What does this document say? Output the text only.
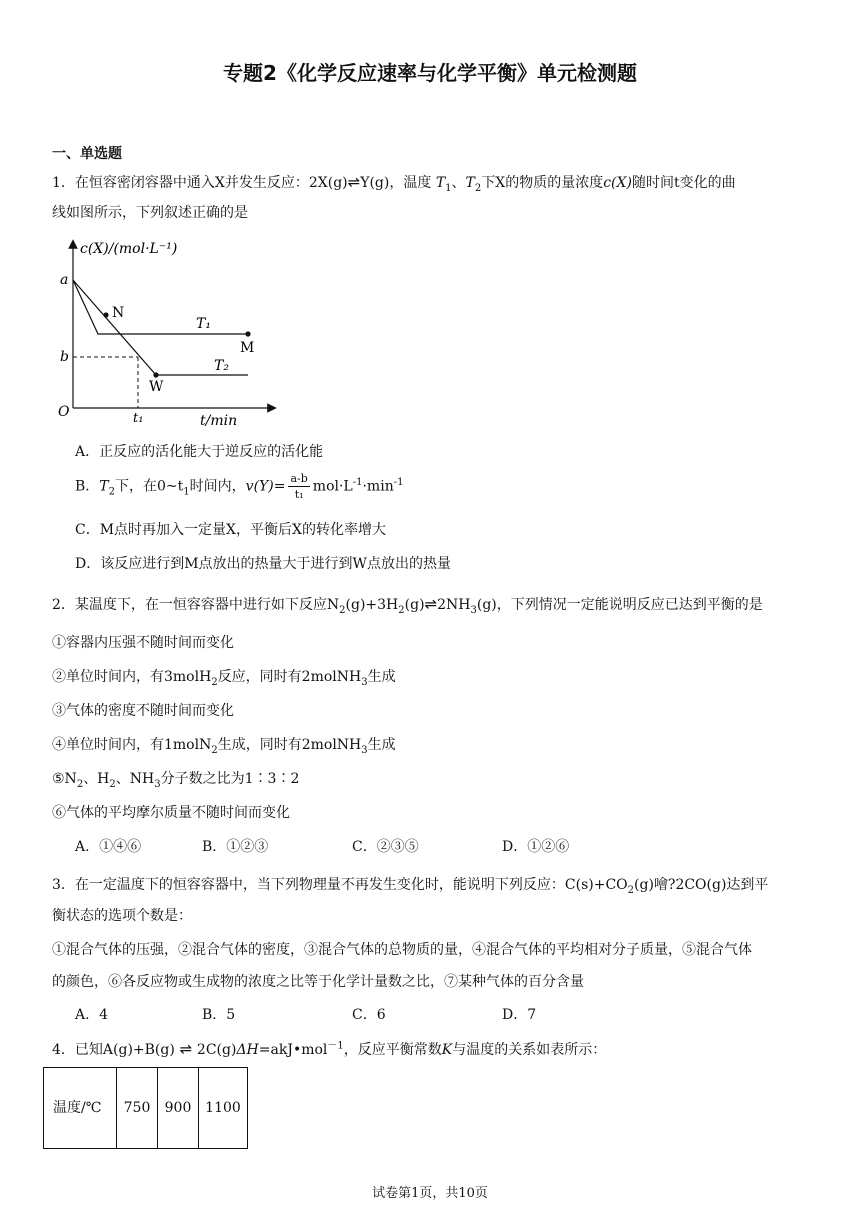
专题2《化学反应速率与化学平衡》单元检测题
一、单选题
1．在恒容密闭容器中通入X并发生反应：2X(g)⇌Y(g)，温度 $T_1$、$T_2$下X的物质的量浓度c(X)随时间t变化的曲
线如图所示，下列叙述正确的是
c(X)/(mol·L⁻¹)
t/min
O
a
b
t₁
N
M
W
T₁
T₂
A．正反应的活化能大于逆反应的活化能
B．$T_2$下，在$0\sim t_1$时间内，$v(Y)= \frac{a-b}{\text{t₁}} mol\cdot L^{-1}\cdot\min^{-1}$
C．M点时再加入一定量X，平衡后X的转化率增大
D．该反应进行到M点放出的热量大于进行到W点放出的热量
2．某温度下，在一恒容容器中进行如下反应$N_2(g)+3H_2(g)\rightleftharpoons 2NH_3(g)$，下列情况一定能说明反应已达到平衡的是
①容器内压强不随时间而变化
②单位时间内，有3molH$_2$反应，同时有2molNH$_3$生成
③气体的密度不随时间而变化
④单位时间内，有1molN$_2$生成，同时有2molNH$_3$生成
$⑤N_2$、$H_2$、$NH_3$分子数之比为1∶3∶2
⑥气体的平均摩尔质量不随时间而变化
A．①④⑥	B．①②③	C．②③⑤	D．①②⑥
3．在一定温度下的恒容容器中，当下列物理量不再发生变化时，能说明下列反应：$C(s)+CO_2(g)$噲?2CO(g)达到平
衡状态的选项个数是：
①混合气体的压强，②混合气体的密度，③混合气体的总物质的量，④混合气体的平均相对分子质量，⑤混合气体
的颜色，⑥各反应物或生成物的浓度之比等于化学计量数之比，⑦某种气体的百分含量
A．4	B．5	C．6	D．7
4．已知A(g)+B(g) ⇌ 2C(g)ΔH=akJ•mol$^{-1}$，反应平衡常数K与温度的关系如表所示：
温度/℃	750	900	1100
试卷第1页，共10页
